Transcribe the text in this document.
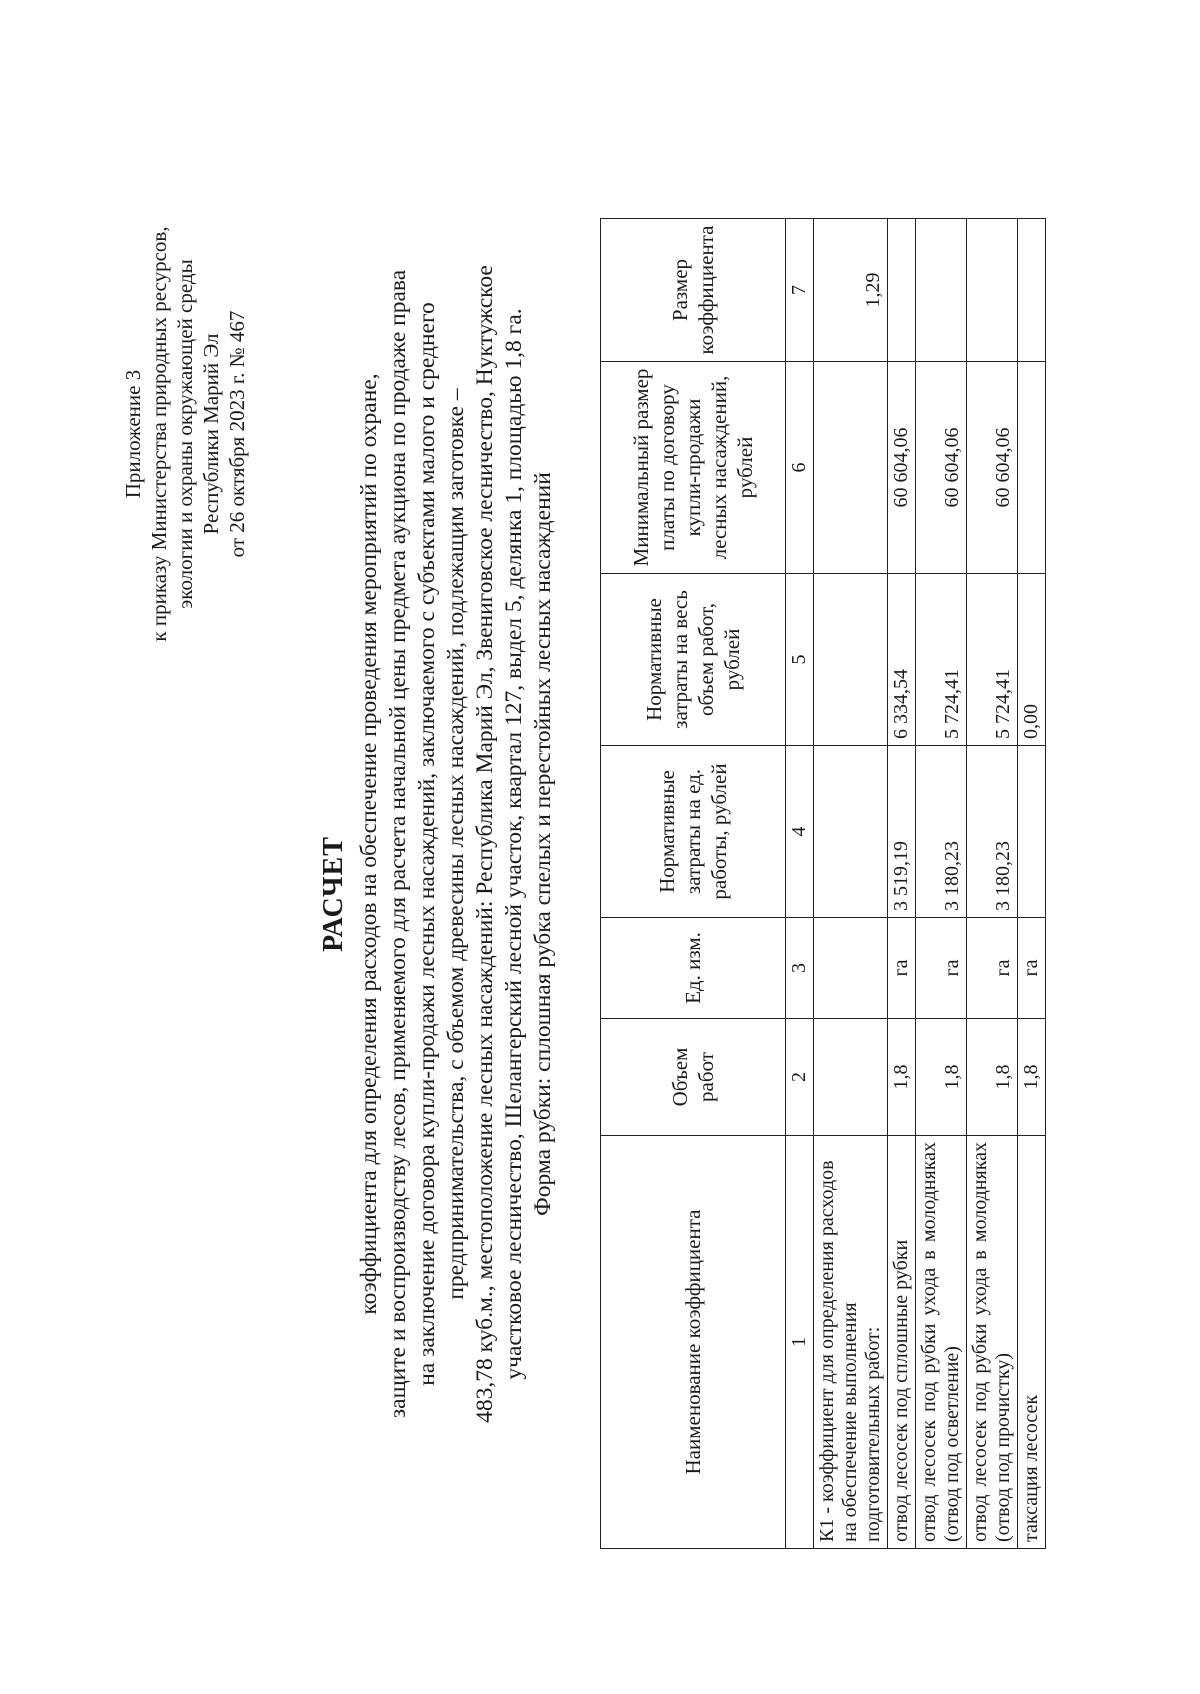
Приложение 3 к приказу Министерства природных ресурсов, экологии и охраны окружающей среды Республики Марий Эл от 26 октября 2023 г. № 467
РАСЧЕТ коэффициента для определения расходов на обеспечение проведения мероприятий по охране, защите и воспроизводству лесов, применяемого для расчета начальной цены предмета аукциона по продаже права на заключение договора купли-продажи лесных насаждений, заключаемого с субъектами малого и среднего предпринимательства, с объемом древесины лесных насаждений, подлежащим заготовке – 483,78 куб.м., местоположение лесных насаждений: Республика Марий Эл, Звениговское лесничество, Нуктужское участковое лесничество, Шелангерский лесной участок, квартал 127, выдел 5, делянка 1, площадью 1,8 га. Форма рубки: сплошная рубка спелых и перестойных лесных насаждений
Наименование коэффициента	Объем работ	Ед. изм.	Нормативные затраты на ед. работы, рублей	Нормативные затраты на весь объем работ, рублей	Минимальный размер платы по договору купли-продажи лесных насаждений, рублей	Размер коэффициента
1	2	3	4	5	6	7
К1 - коэффициент для определения расходов на обеспечение выполнения подготовительных работ:						1,29
отвод лесосек под сплошные рубки	1,8	га	3 519,19	6 334,54	60 604,06	
отвод лесосек под рубки ухода в молодняках (отвод под осветление)	1,8	га	3 180,23	5 724,41	60 604,06	
отвод лесосек под рубки ухода в молодняках (отвод под прочистку)	1,8	га	3 180,23	5 724,41	60 604,06	
таксация лесосек	1,8	га		0,00		
